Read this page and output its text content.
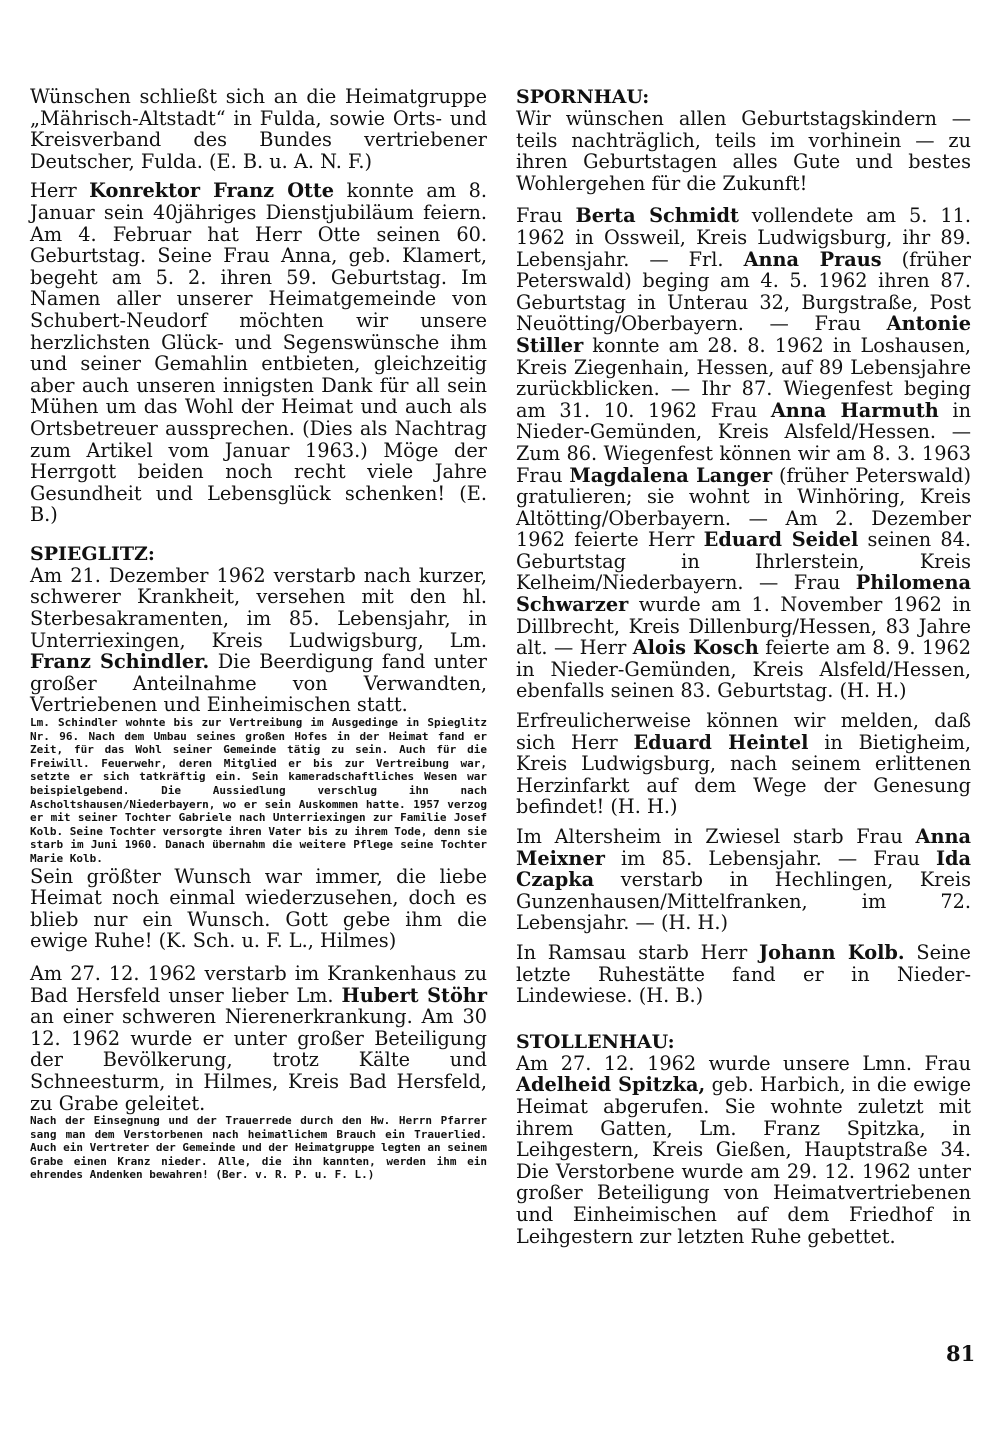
Wünschen schließt sich an die Heimatgruppe „Mährisch-Altstadt“ in Fulda, sowie Orts- und Kreisverband des Bundes vertriebener Deutscher, Fulda. (E. B. u. A. N. F.)

Herr Konrektor Franz Otte konnte am 8. Januar sein 40jähriges Dienstjubiläum feiern. Am 4. Februar hat Herr Otte seinen 60. Geburtstag. Seine Frau Anna, geb. Klamert, begeht am 5. 2. ihren 59. Geburtstag. Im Namen aller unserer Heimatgemeinde von Schubert-Neudorf möchten wir unsere herzlichsten Glück- und Segenswünsche ihm und seiner Gemahlin entbieten, gleichzeitig aber auch unseren innigsten Dank für all sein Mühen um das Wohl der Heimat und auch als Ortsbetreuer aussprechen. (Dies als Nachtrag zum Artikel vom Januar 1963.) Möge der Herrgott beiden noch recht viele Jahre Gesundheit und Lebensglück schenken! (E. B.)

SPIEGLITZ:

Am 21. Dezember 1962 verstarb nach kurzer, schwerer Krankheit, versehen mit den hl. Sterbesakramenten, im 85. Lebensjahr, in Unterriexingen, Kreis Ludwigsburg, Lm. Franz Schindler. Die Beerdigung fand unter großer Anteilnahme von Verwandten, Vertriebenen und Einheimischen statt.

Lm. Schindler wohnte bis zur Vertreibung im Ausgedinge in Spieglitz Nr. 96. Nach dem Umbau seines großen Hofes in der Heimat fand er Zeit, für das Wohl seiner Gemeinde tätig zu sein. Auch für die Freiwill. Feuerwehr, deren Mitglied er bis zur Vertreibung war, setzte er sich tatkräftig ein. Sein kameradschaftliches Wesen war beispielgebend. Die Aussiedlung verschlug ihn nach Ascholtshausen/Niederbayern, wo er sein Auskommen hatte. 1957 verzog er mit seiner Tochter Gabriele nach Unterriexingen zur Familie Josef Kolb. Seine Tochter versorgte ihren Vater bis zu ihrem Tode, denn sie starb im Juni 1960. Danach übernahm die weitere Pflege seine Tochter Marie Kolb.

Sein größter Wunsch war immer, die liebe Heimat noch einmal wiederzusehen, doch es blieb nur ein Wunsch. Gott gebe ihm die ewige Ruhe! (K. Sch. u. F. L., Hilmes)

Am 27. 12. 1962 verstarb im Krankenhaus zu Bad Hersfeld unser lieber Lm. Hubert Stöhr an einer schweren Nierenerkrankung. Am 30 12. 1962 wurde er unter großer Beteiligung der Bevölkerung, trotz Kälte und Schneesturm, in Hilmes, Kreis Bad Hersfeld, zu Grabe geleitet.

Nach der Einsegnung und der Trauerrede durch den Hw. Herrn Pfarrer sang man dem Verstorbenen nach heimatlichem Brauch ein Trauerlied. Auch ein Vertreter der Gemeinde und der Heimatgruppe legten an seinem Grabe einen Kranz nieder. Alle, die ihn kannten, werden ihm ein ehrendes Andenken bewahren! (Ber. v. R. P. u. F. L.)

SPORNHAU:

Wir wünschen allen Geburtstagskindern — teils nachträglich, teils im vorhinein — zu ihren Geburtstagen alles Gute und bestes Wohlergehen für die Zukunft!

Frau Berta Schmidt vollendete am 5. 11. 1962 in Ossweil, Kreis Ludwigsburg, ihr 89. Lebensjahr. — Frl. Anna Praus (früher Peterswald) beging am 4. 5. 1962 ihren 87. Geburtstag in Unterau 32, Burgstraße, Post Neuötting/Oberbayern. — Frau Antonie Stiller konnte am 28. 8. 1962 in Loshausen, Kreis Ziegenhain, Hessen, auf 89 Lebensjahre zurückblicken. — Ihr 87. Wiegenfest beging am 31. 10. 1962 Frau Anna Harmuth in Nieder-Gemünden, Kreis Alsfeld/Hessen. — Zum 86. Wiegenfest können wir am 8. 3. 1963 Frau Magdalena Langer (früher Peterswald) gratulieren; sie wohnt in Winhöring, Kreis Altötting/Oberbayern. — Am 2. Dezember 1962 feierte Herr Eduard Seidel seinen 84. Geburtstag in Ihrlerstein, Kreis Kelheim/Niederbayern. — Frau Philomena Schwarzer wurde am 1. November 1962 in Dillbrecht, Kreis Dillenburg/Hessen, 83 Jahre alt. — Herr Alois Kosch feierte am 8. 9. 1962 in Nieder-Gemünden, Kreis Alsfeld/Hessen, ebenfalls seinen 83. Geburtstag. (H. H.)

Erfreulicherweise können wir melden, daß sich Herr Eduard Heintel in Bietigheim, Kreis Ludwigsburg, nach seinem erlittenen Herzinfarkt auf dem Wege der Genesung befindet! (H. H.)

Im Altersheim in Zwiesel starb Frau Anna Meixner im 85. Lebensjahr. — Frau Ida Czapka verstarb in Hechlingen, Kreis Gunzenhausen/Mittelfranken, im 72. Lebensjahr. — (H. H.)

In Ramsau starb Herr Johann Kolb. Seine letzte Ruhestätte fand er in Nieder-Lindewiese. (H. B.)

STOLLENHAU:

Am 27. 12. 1962 wurde unsere Lmn. Frau Adelheid Spitzka, geb. Harbich, in die ewige Heimat abgerufen. Sie wohnte zuletzt mit ihrem Gatten, Lm. Franz Spitzka, in Leihgestern, Kreis Gießen, Hauptstraße 34. Die Verstorbene wurde am 29. 12. 1962 unter großer Beteiligung von Heimatvertriebenen und Einheimischen auf dem Friedhof in Leihgestern zur letzten Ruhe gebettet.

81
